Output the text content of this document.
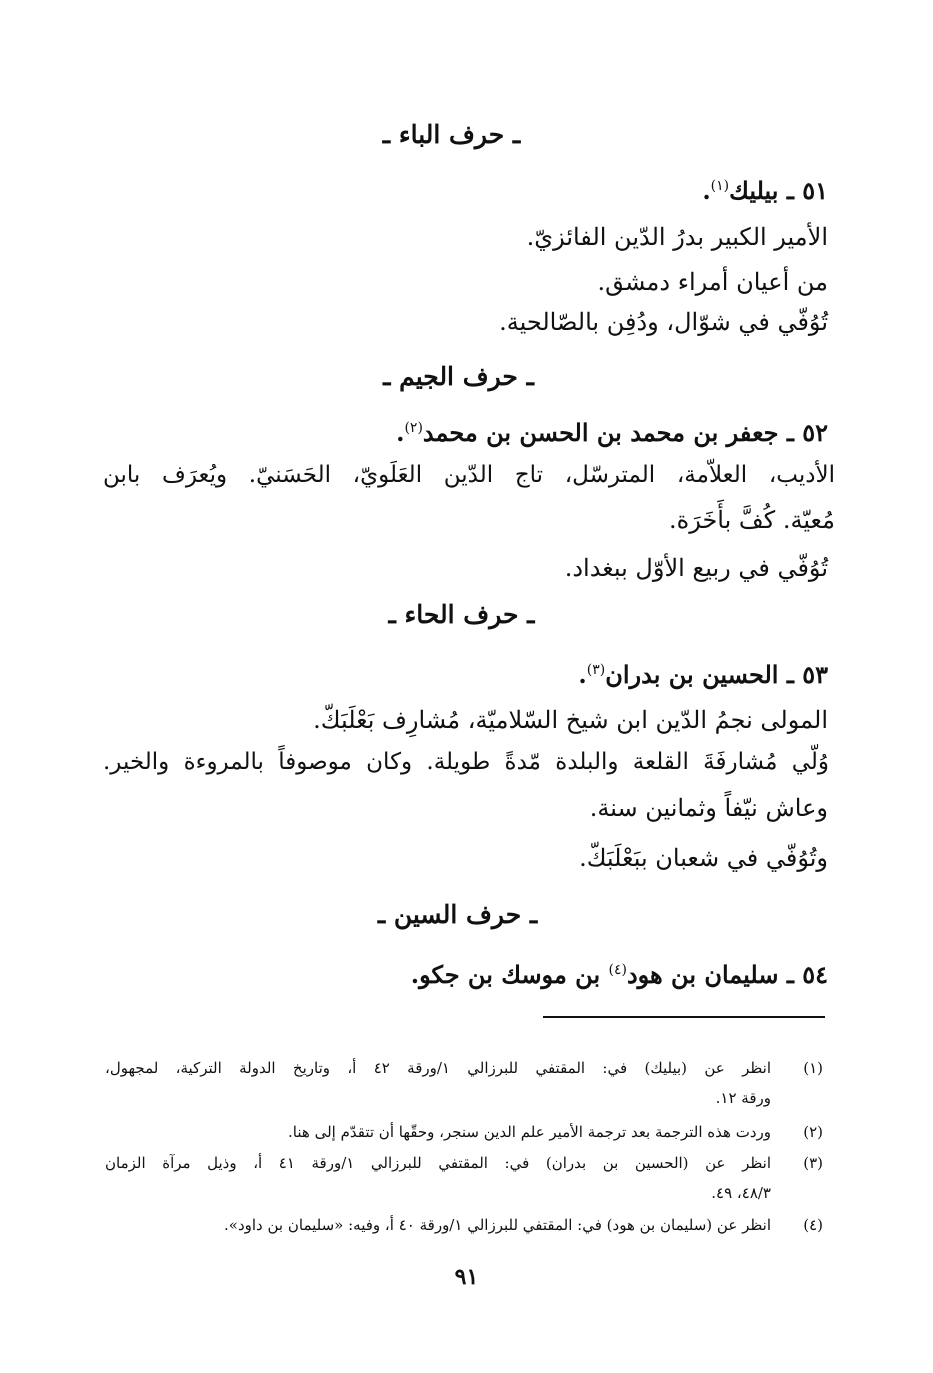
ـ حرف الباء ـ
٥١ ـ بيليك$^{(١)}$.
الأمير الكبير بدرُ الدّين الفائزيّ.
من أعيان أمراء دمشق.
تُوُفّي في شوّال، ودُفِن بالصّالحية.
ـ حرف الجيم ـ
٥٢ ـ جعفر بن محمد بن الحسن بن محمد$^{(٢)}$.
الأديب، العلاّمة، المترسّل، تاج الدّين العَلَويّ، الحَسَنيّ. ويُعرَف بابن
مُعيّة. كُفَّ بأَخَرَة.
تُوُفّي في ربيع الأوّل ببغداد.
ـ حرف الحاء ـ
٥٣ ـ الحسين بن بدران$^{(٣)}$.
المولى نجمُ الدّين ابن شيخ السّلاميّة، مُشارِف بَعْلَبَكّ.
وُلّي مُشارفَةَ القلعة والبلدة مّدةً طويلة. وكان موصوفاً بالمروءة والخير.
وعاش نيّفاً وثمانين سنة.
وتُوُفّي في شعبان ببَعْلَبَكّ.
ـ حرف السين ـ
٥٤ ـ سليمان بن هود$^{(٤)}$ بن موسك بن جكو.
(١)
انظر عن (بيليك) في: المقتفي للبرزالي ١/ورقة ٤٢ أ، وتاريخ الدولة التركية، لمجهول،
ورقة ١٢.
(٢)
وردت هذه الترجمة بعد ترجمة الأمير علم الدين سنجر، وحقّها أن تتقدّم إلى هنا.
(٣)
انظر عن (الحسين بن بدران) في: المقتفي للبرزالي ١/ورقة ٤١ أ، وذيل مرآة الزمان
٤٨/٣، ٤٩.
(٤)
انظر عن (سليمان بن هود) في: المقتفي للبرزالي ١/ورقة ٤٠ أ، وفيه: «سليمان بن داود».
٩١
